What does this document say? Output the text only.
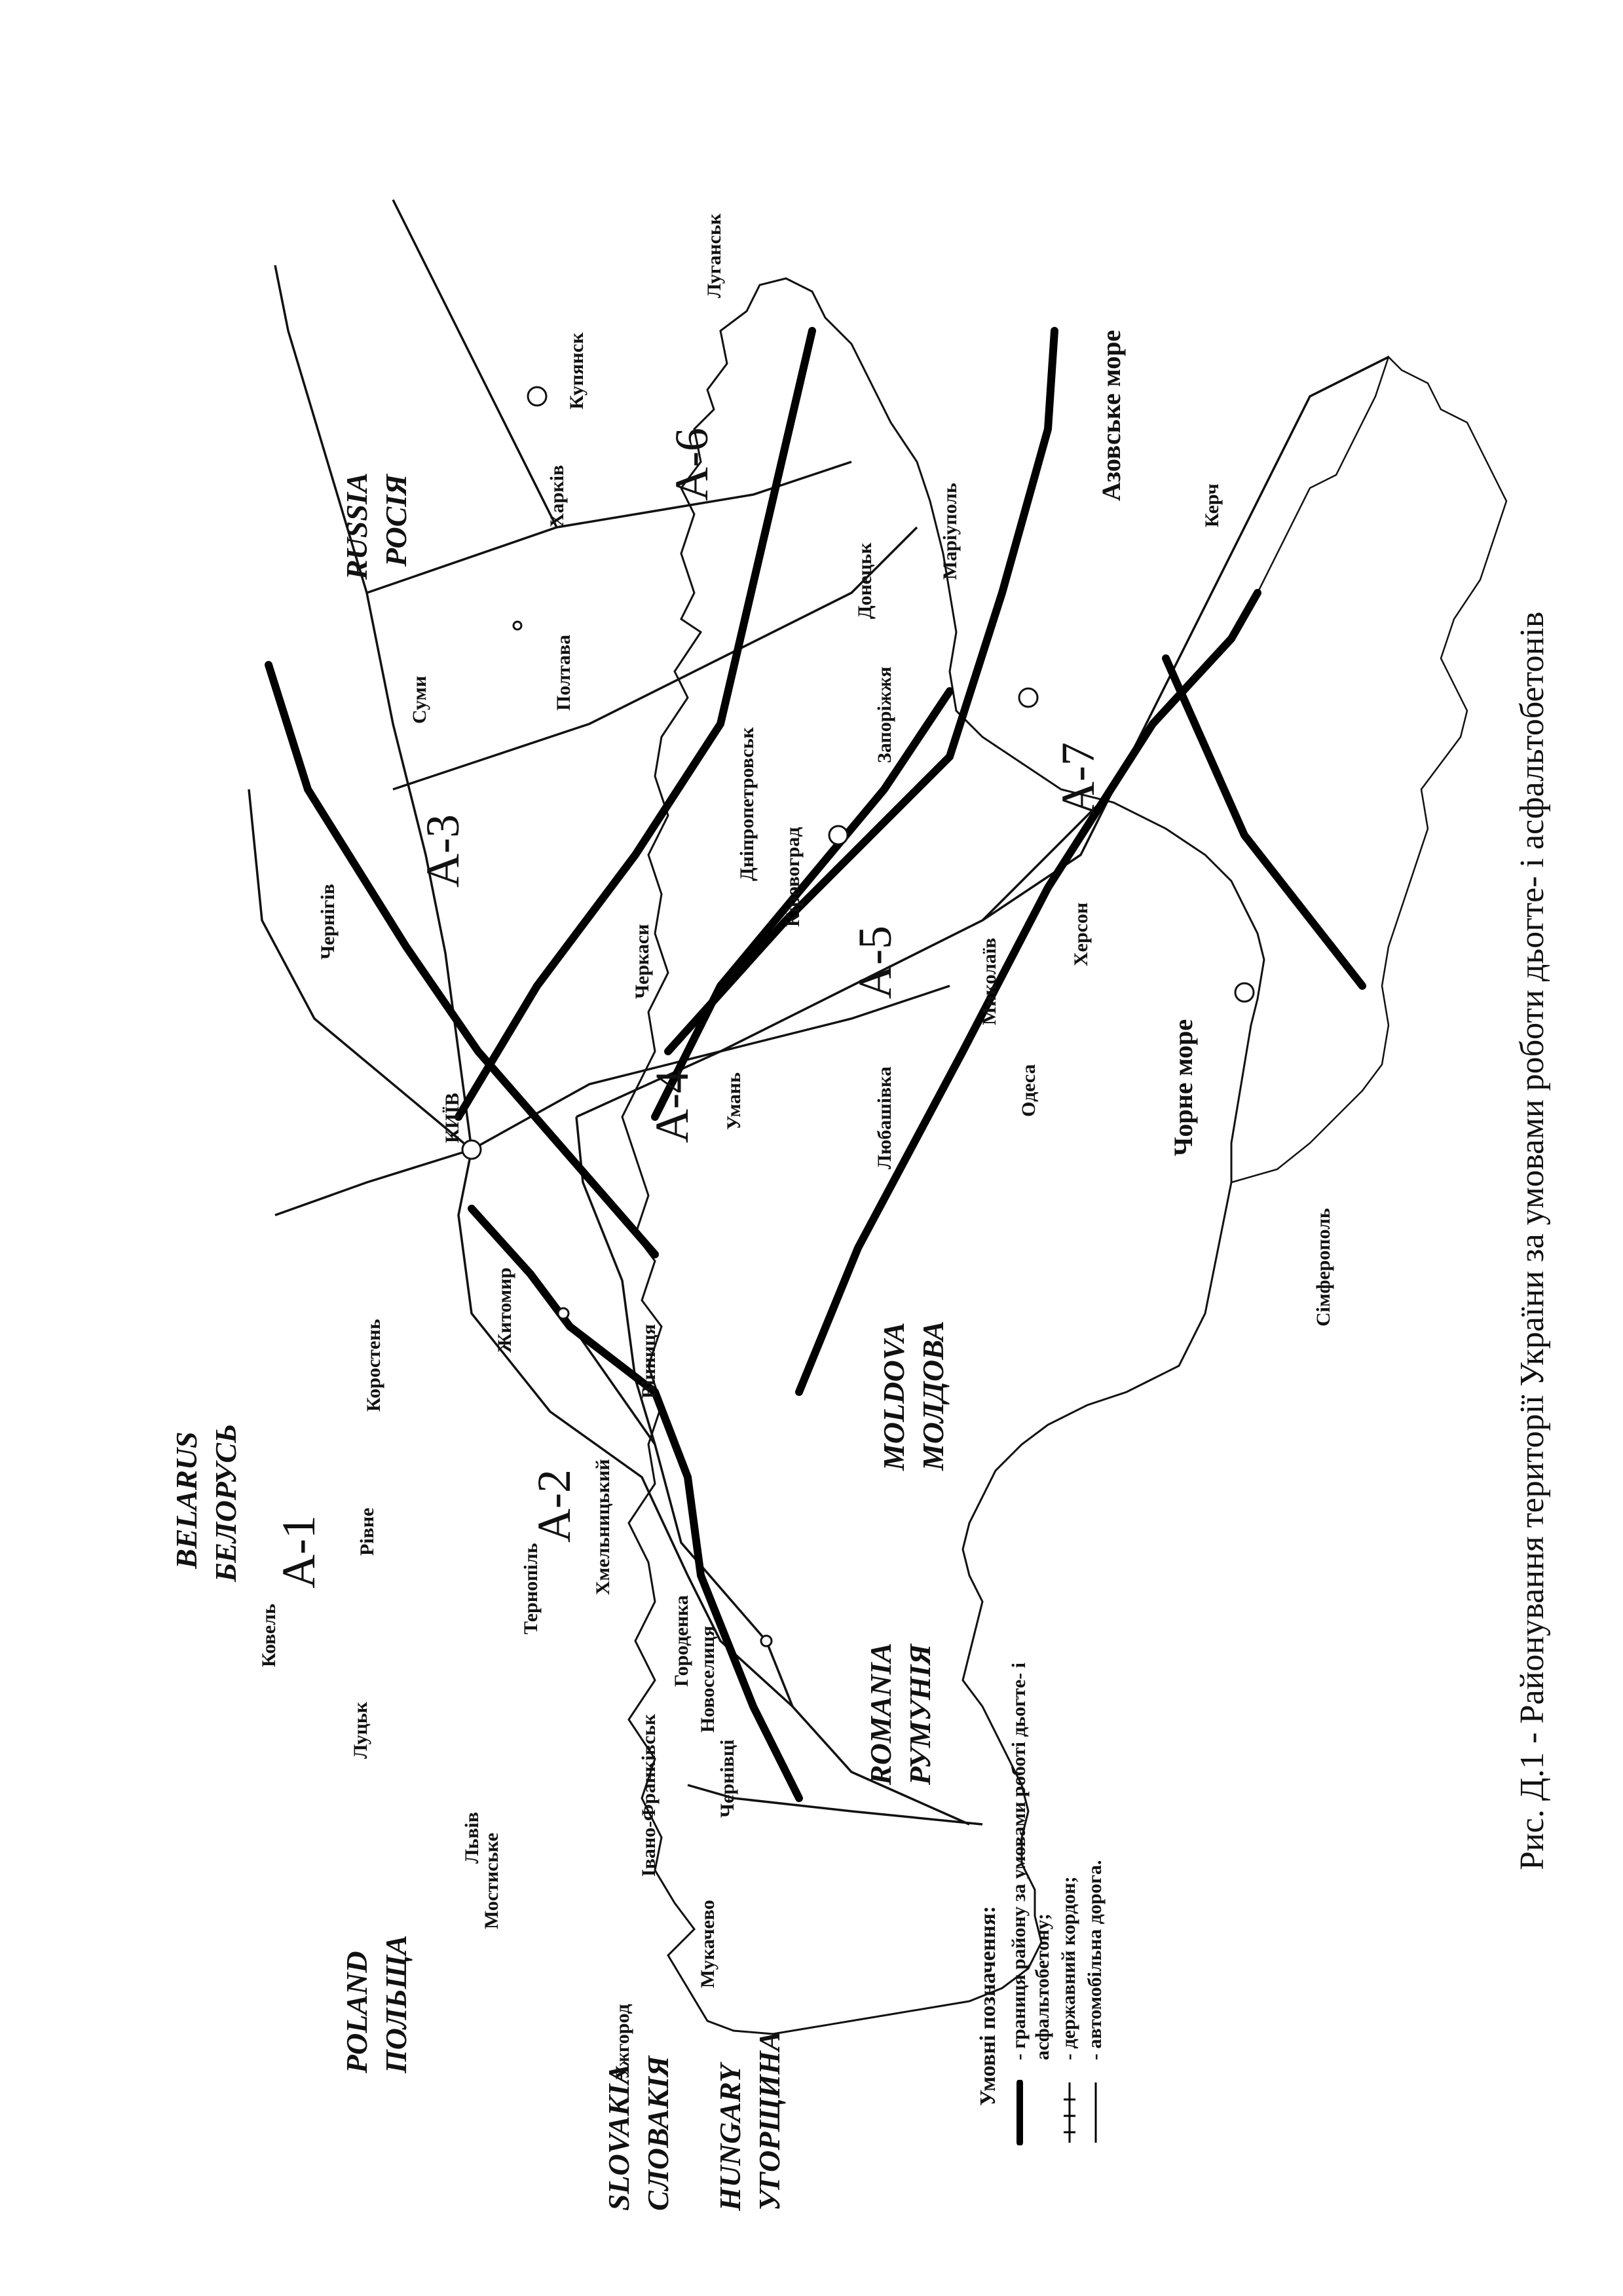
А-1
А-2
А-3
А-4
А-5
А-6
А-7
POLAND ПОЛЬЩА
BELARUS БЕЛОРУСЬ
RUSSIA РОСІЯ
SLOVAKIA СЛОВАКІЯ HUNGARY УГОРЩИНА
ROMANIA РУМУНІЯ
MOLDOVA МОЛДОВА
Чорне море
Азовське море
КИЇВ
Ковель
Луцьк
Львів
Мостиське
Ужгород
Мукачево
Івано-Франківськ	Чернівці
Рівне
Тернопіль
Городенка Новоселиця
Хмельницький
Коростень
Житомир
Вінниця
Чернігів
Умань
Черкаси
Любашівка	Одеса
Кіровоград
Миколаїв
Херсон
Дніпропетровськ
Запоріжжя
Полтава
Суми
Харків
Купянск
Луганськ
Донецьк
Маріуполь
Сімферополь
Керч
Умовні позначення: - границя району за умовами роботі дьогте- і асфальтобетону; - державний кордон; - автомобільна дорога.
Рис. Д.1 - Районування території України за умовами роботи дьогте- і асфальтобетонів
